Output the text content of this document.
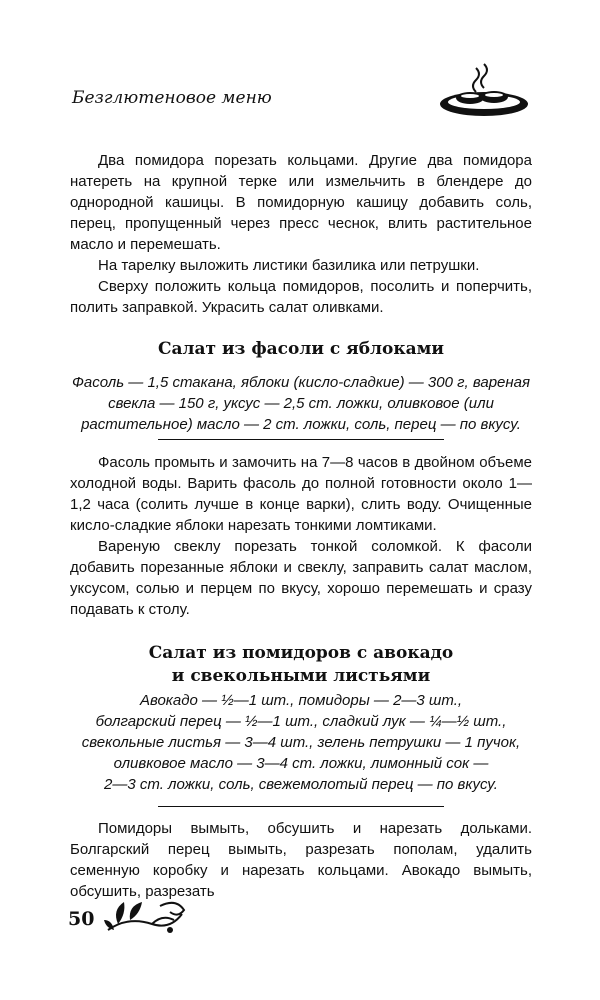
Безглютеновое меню

Два помидора порезать кольцами. Другие два помидора натереть на крупной терке или измельчить в блендере до однородной кашицы. В помидорную кашицу добавить соль, перец, пропущенный через пресс чеснок, влить растительное масло и перемешать.

На тарелку выложить листики базилика или петрушки.

Сверху положить кольца помидоров, посолить и поперчить, полить заправкой. Украсить салат оливками.

Салат из фасоли с яблоками
Фасоль — 1,5 стакана, яблоки (кисло-сладкие) — 300 г, вареная свекла — 150 г, уксус — 2,5 ст. ложки, оливковое (или растительное) масло — 2 ст. ложки, соль, перец — по вкусу.

Фасоль промыть и замочить на 7—8 часов в двойном объеме холодной воды. Варить фасоль до полной готовности около 1—1,2 часа (солить лучше в конце варки), слить воду. Очищенные кисло-сладкие яблоки нарезать тонкими ломтиками.

Вареную свеклу порезать тонкой соломкой. К фасоли добавить порезанные яблоки и свеклу, заправить салат маслом, уксусом, солью и перцем по вкусу, хорошо перемешать и сразу подавать к столу.

Салат из помидоров с авокадо
и свекольными листьями
Авокадо — ½—1 шт., помидоры — 2—3 шт.,
болгарский перец — ½—1 шт., сладкий лук — ¼—½ шт.,
свекольные листья — 3—4 шт., зелень петрушки — 1 пучок,
оливковое масло — 3—4 ст. ложки, лимонный сок —
2—3 ст. ложки, соль, свежемолотый перец — по вкусу.

Помидоры вымыть, обсушить и нарезать дольками. Болгарский перец вымыть, разрезать пополам, удалить семенную коробку и нарезать кольцами. Авокадо вымыть, обсушить, разрезать

50
